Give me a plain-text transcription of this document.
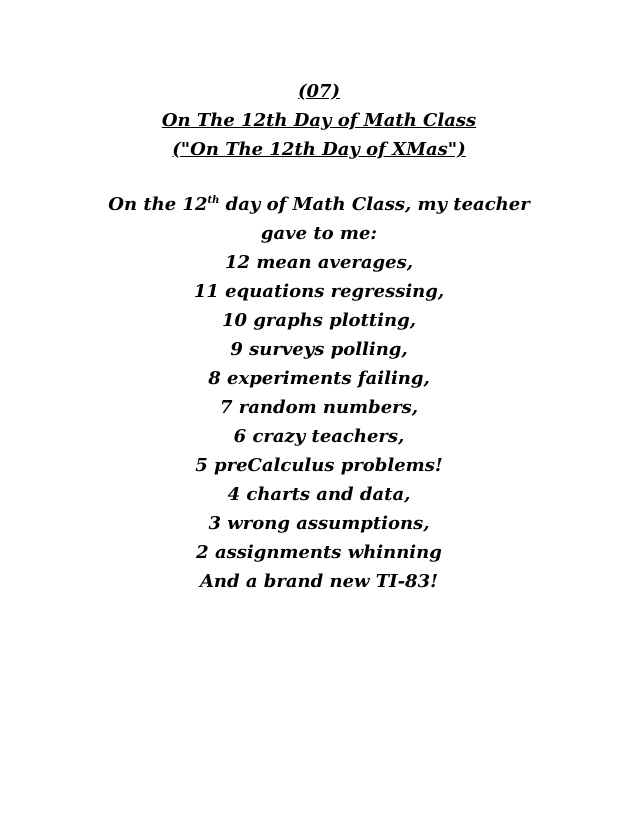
(07)
On The 12th Day of Math Class
("On The 12th Day of XMas")
On the 12th day of Math Class, my teacher
gave to me:
12 mean averages,
11 equations regressing,
10 graphs plotting,
9 surveys polling,
8 experiments failing,
7 random numbers,
6 crazy teachers,
5 preCalculus problems!
4 charts and data,
3 wrong assumptions,
2 assignments whinning
And a brand new TI-83!
